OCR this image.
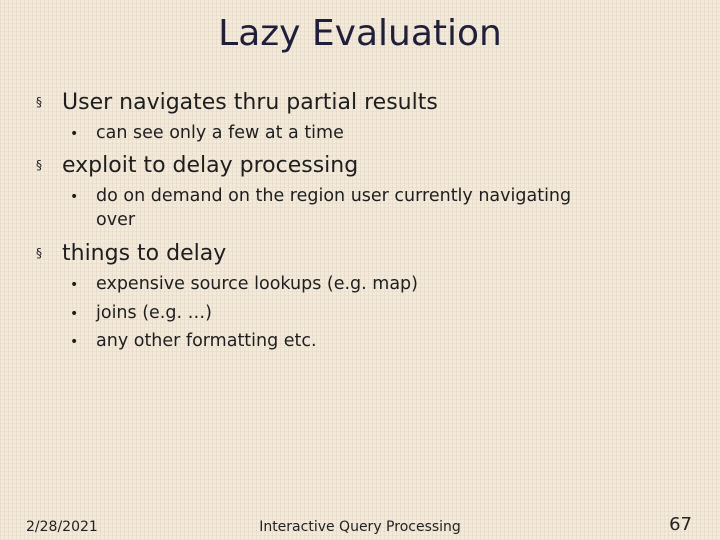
Lazy Evaluation
§ User navigates thru partial results
• can see only a few at a time
§ exploit to delay processing
• do on demand on the region user currently navigating
over
§ things to delay
• expensive source lookups (e.g. map)
• joins (e.g. …)
• any other formatting etc.
2/28/2021	Interactive Query Processing	67
